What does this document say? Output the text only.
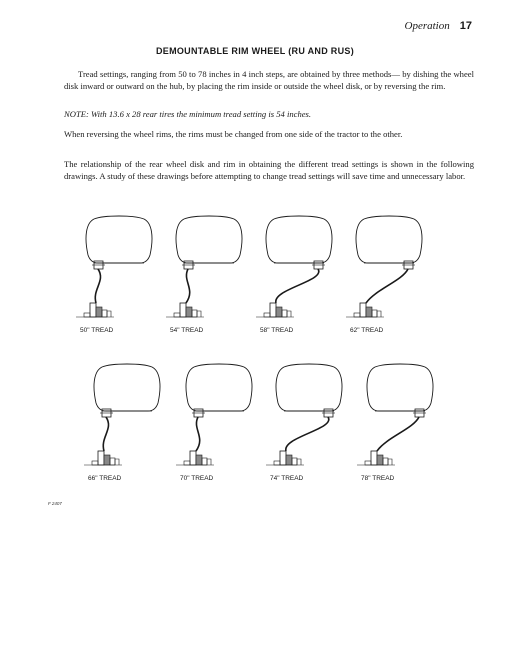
Operation 17
DEMOUNTABLE RIM WHEEL (RU AND RUS)
Tread settings, ranging from 50 to 78 inches in 4 inch steps, are obtained by three methods— by dishing the wheel disk inward or outward on the hub, by placing the rim inside or outside the wheel disk, or by reversing the rim.
NOTE: With 13.6 x 28 rear tires the minimum tread setting is 54 inches.
When reversing the wheel rims, the rims must be changed from one side of the tractor to the other.
The relationship of the rear wheel disk and rim in obtaining the different tread settings is shown in the following drawings. A study of these drawings before attempting to change tread settings will save time and unnecessary labor.
50" TREAD	54" TREAD	58" TREAD	62" TREAD
66" TREAD	70" TREAD	74" TREAD	78" TREAD
F 2407
